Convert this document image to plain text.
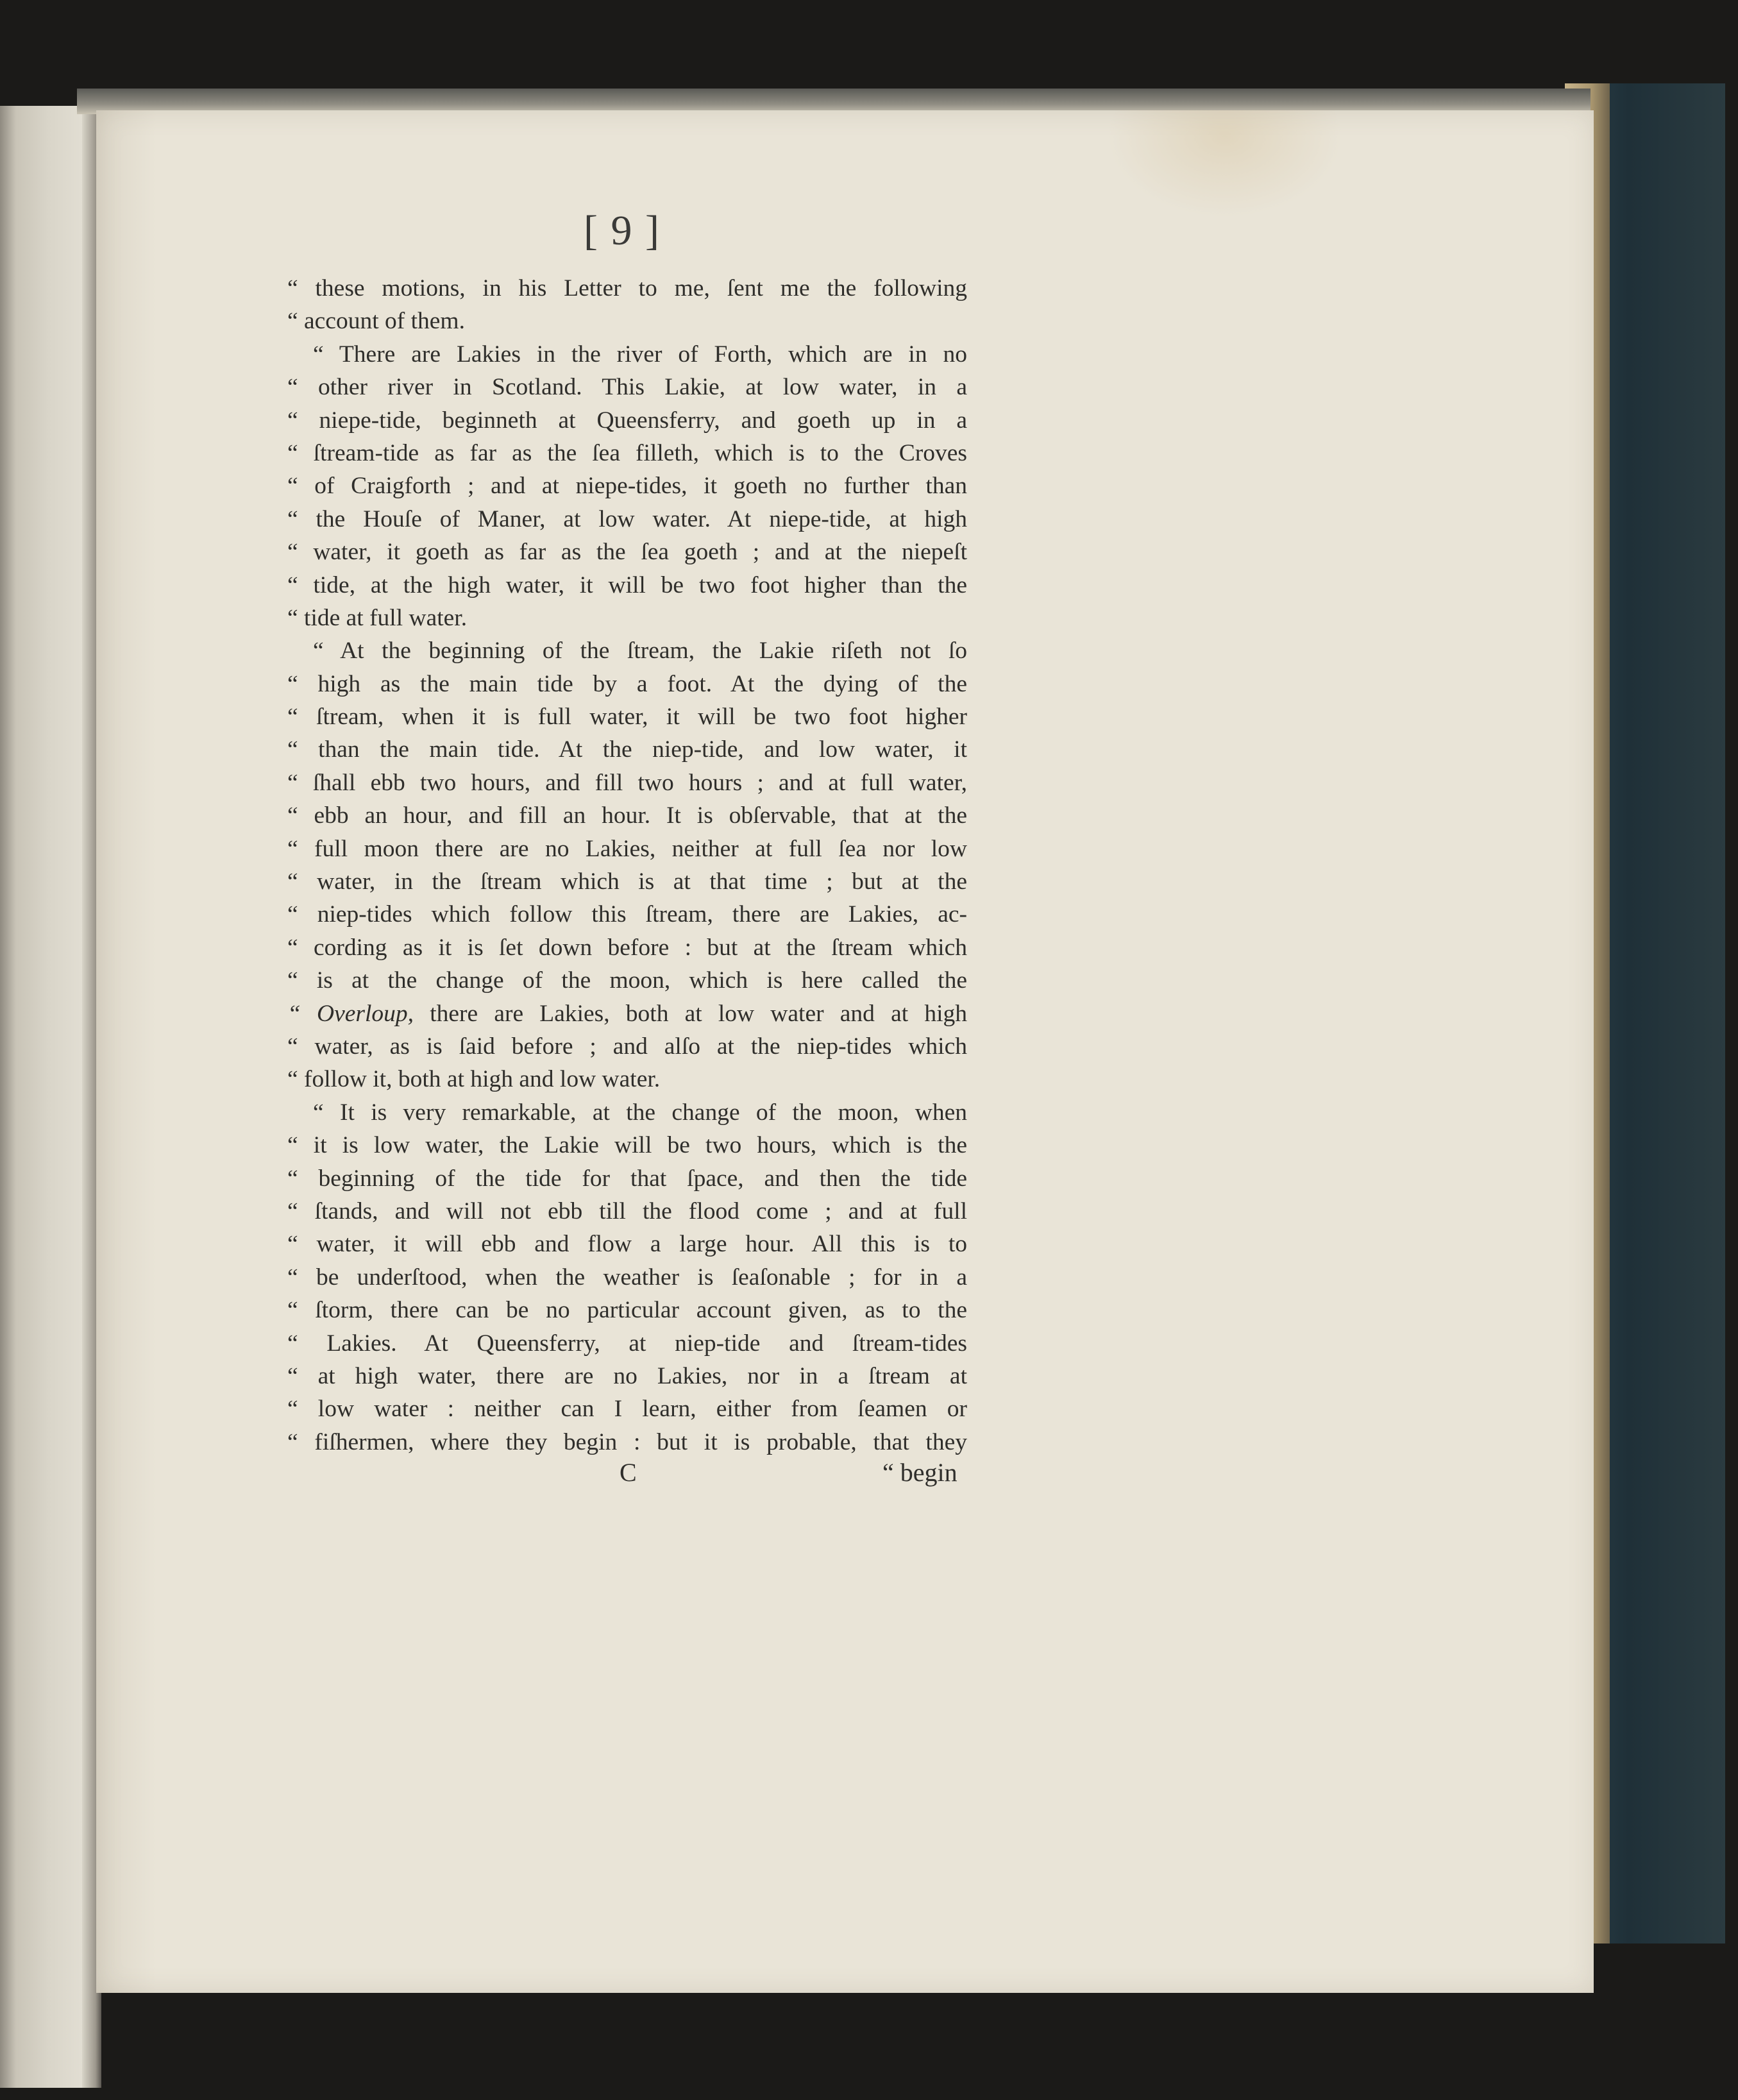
[ 9 ]

“ these motions, in his Letter to me, ſent me the following
“ account of them.
“ There are Lakies in the river of Forth, which are in no
“ other river in Scotland. This Lakie, at low water, in a
“ niepe-tide, beginneth at Queensferry, and goeth up in a
“ ſtream-tide as far as the ſea filleth, which is to the Croves
“ of Craigforth ; and at niepe-tides, it goeth no further than
“ the Houſe of Maner, at low water. At niepe-tide, at high
“ water, it goeth as far as the ſea goeth ; and at the niepeſt
“ tide, at the high water, it will be two foot higher than the
“ tide at full water.
“ At the beginning of the ſtream, the Lakie riſeth not ſo
“ high as the main tide by a foot. At the dying of the
“ ſtream, when it is full water, it will be two foot higher
“ than the main tide. At the niep-tide, and low water, it
“ ſhall ebb two hours, and fill two hours ; and at full water,
“ ebb an hour, and fill an hour. It is obſervable, that at the
“ full moon there are no Lakies, neither at full ſea nor low
“ water, in the ſtream which is at that time ; but at the
“ niep-tides which follow this ſtream, there are Lakies, ac-
“ cording as it is ſet down before : but at the ſtream which
“ is at the change of the moon, which is here called the
“ Overloup, there are Lakies, both at low water and at high
“ water, as is ſaid before ; and alſo at the niep-tides which
“ follow it, both at high and low water.
“ It is very remarkable, at the change of the moon, when
“ it is low water, the Lakie will be two hours, which is the
“ beginning of the tide for that ſpace, and then the tide
“ ſtands, and will not ebb till the flood come ; and at full
“ water, it will ebb and flow a large hour. All this is to
“ be underſtood, when the weather is ſeaſonable ; for in a
“ ſtorm, there can be no particular account given, as to the
“ Lakies. At Queensferry, at niep-tide and ſtream-tides
“ at high water, there are no Lakies, nor in a ſtream at
“ low water : neither can I learn, either from ſeamen or
“ fiſhermen, where they begin : but it is probable, that they
C	“ begin
